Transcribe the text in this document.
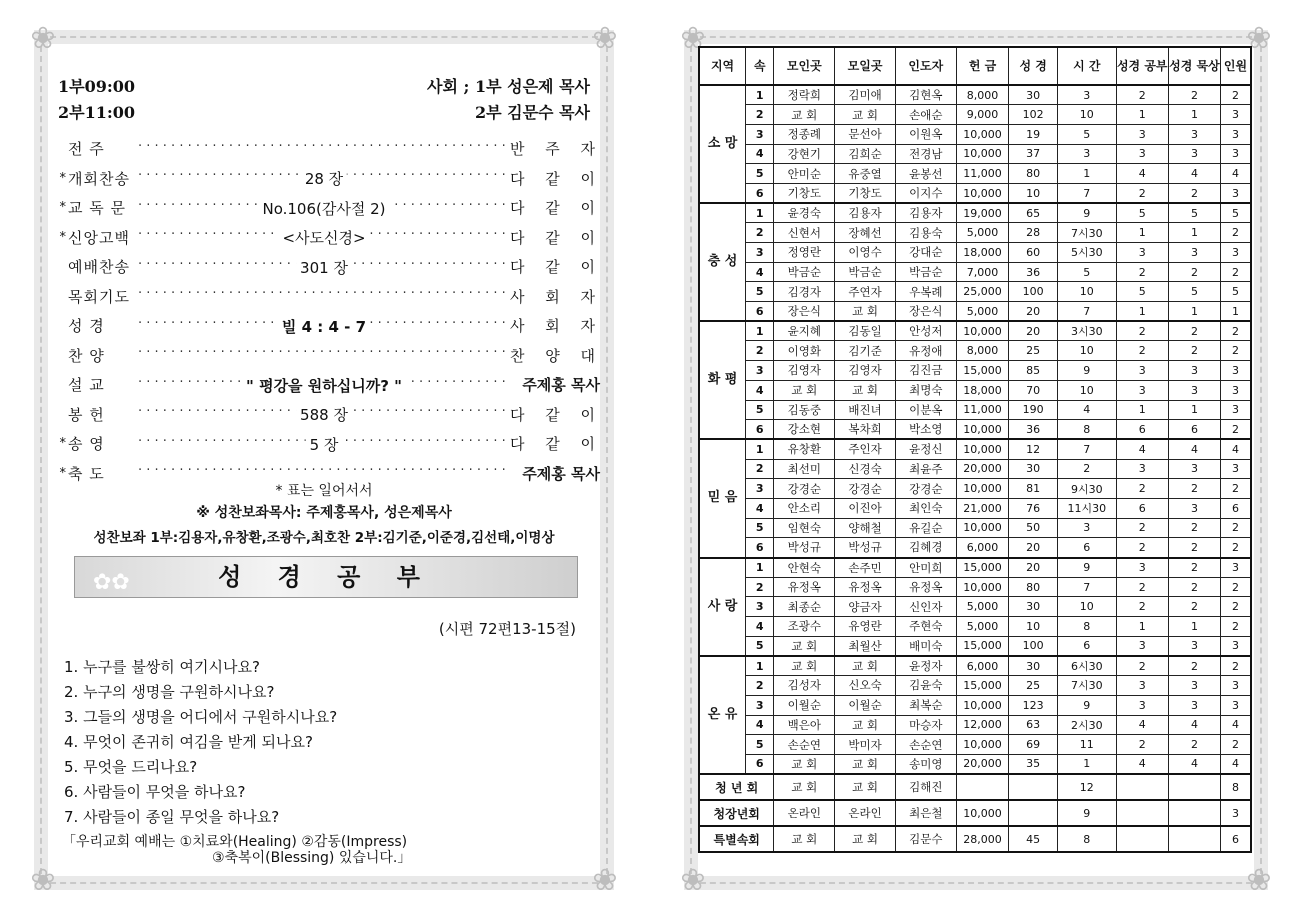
❀	❀
❀	❀
1부09:00	사회 ; 1부 성은제 목사
2부11:00	2부 김문수 목사
전 주 · · ·	반 주 자
* 개회찬송	· · · 28 장	다 같 이
* 교 독 문	· · · No.106(감사절 2)	다 같 이
* 신앙고백	· · · <사도신경>	다 같 이
예배찬송	· · · 301 장	다 같 이
목회기도 · · ·	사 회 자
성 경	· · · 빌 4 : 4 - 7	사 회 자
찬 양 · · ·	찬 양 대
설 교	· · · " 평강을 원하십니까? "	주제홍 목사
봉 헌	· · · 588 장	다 같 이
* 송 영	· · · 5 장	다 같 이
* 축 도 · · ·	주제홍 목사
* 표는 일어서서
※ 성찬보좌목사: 주제홍목사, 성은제목사
성찬보좌 1부:김용자,유창환,조광수,최호찬 2부:김기준,이준경,김선태,이명상
✿✿	성 경 공 부
(시편 72편13-15절)
1. 누구를 불쌍히 여기시나요?
2. 누구의 생명을 구원하시나요?
3. 그들의 생명을 어디에서 구원하시나요?
4. 무엇이 존귀히 여김을 받게 되나요?
5. 무엇을 드리나요?
6. 사람들이 무엇을 하나요?
7. 사람들이 종일 무엇을 하나요?
「우리교회 예배는 ①치료와(Healing) ②감동(Impress)
③축복이(Blessing) 있습니다.」
❀	❀
❀	❀
지역	속	모인곳	모일곳	인도자	헌 금	성 경	시 간	성경 공부	성경 묵상	인원
소 망	1	정락희	김미애	김현옥	8,000	30	3	2	2	2
	2	교 회	교 회	손애순	9,000	102	10	1	1	3
	3	정종례	문선아	이원옥	10,000	19	5	3	3	3
	4	강현기	김희순	전경남	10,000	37	3	3	3	3
	5	안미순	유중열	윤봉선	11,000	80	1	4	4	4
	6	기창도	기창도	이지수	10,000	10	7	2	2	3
충 성	1	윤경숙	김용자	김용자	19,000	65	9	5	5	5
	2	신현서	장혜선	김용숙	5,000	28	7시30	1	1	2
	3	정영란	이영수	강대순	18,000	60	5시30	3	3	3
	4	박금순	박금순	박금순	7,000	36	5	2	2	2
	5	김경자	주연자	우복례	25,000	100	10	5	5	5
	6	장은식	교 회	장은식	5,000	20	7	1	1	1
화 평	1	윤지혜	김동일	안성저	10,000	20	3시30	2	2	2
	2	이영화	김기준	유정애	8,000	25	10	2	2	2
	3	김영자	김영자	김진금	15,000	85	9	3	3	3
	4	교 회	교 회	최명숙	18,000	70	10	3	3	3
	5	김동중	배진녀	이분옥	11,000	190	4	1	1	3
	6	강소현	복차희	박소영	10,000	36	8	6	6	2
믿 음	1	유창환	주인자	윤정신	10,000	12	7	4	4	4
	2	최선미	신경숙	최윤주	20,000	30	2	3	3	3
	3	강경순	강경순	강경순	10,000	81	9시30	2	2	2
	4	안소리	이진아	최인숙	21,000	76	11시30	6	3	6
	5	임현숙	양해철	유길순	10,000	50	3	2	2	2
	6	박성규	박성규	김혜경	6,000	20	6	2	2	2
사 랑	1	안현숙	손주민	안미희	15,000	20	9	3	2	3
	2	유정옥	유정옥	유정옥	10,000	80	7	2	2	2
	3	최종순	양금자	신인자	5,000	30	10	2	2	2
	4	조광수	유영란	주현숙	5,000	10	8	1	1	2
	5	교 회	최월산	배미숙	15,000	100	6	3	3	3
온 유	1	교 회	교 회	윤정자	6,000	30	6시30	2	2	2
	2	김성자	신오숙	김윤숙	15,000	25	7시30	3	3	3
	3	이월순	이월순	최복순	10,000	123	9	3	3	3
	4	백은아	교 회	마승자	12,000	63	2시30	4	4	4
	5	손순연	박미자	손순연	10,000	69	11	2	2	2
	6	교 회	교 회	송미영	20,000	35	1	4	4	4
청 년 회		교 회	교 회	김해진			12			8
청장년회		온라인	온라인	최은철	10,000		9			3
특별속회		교 회	교 회	김문수	28,000	45	8			6
